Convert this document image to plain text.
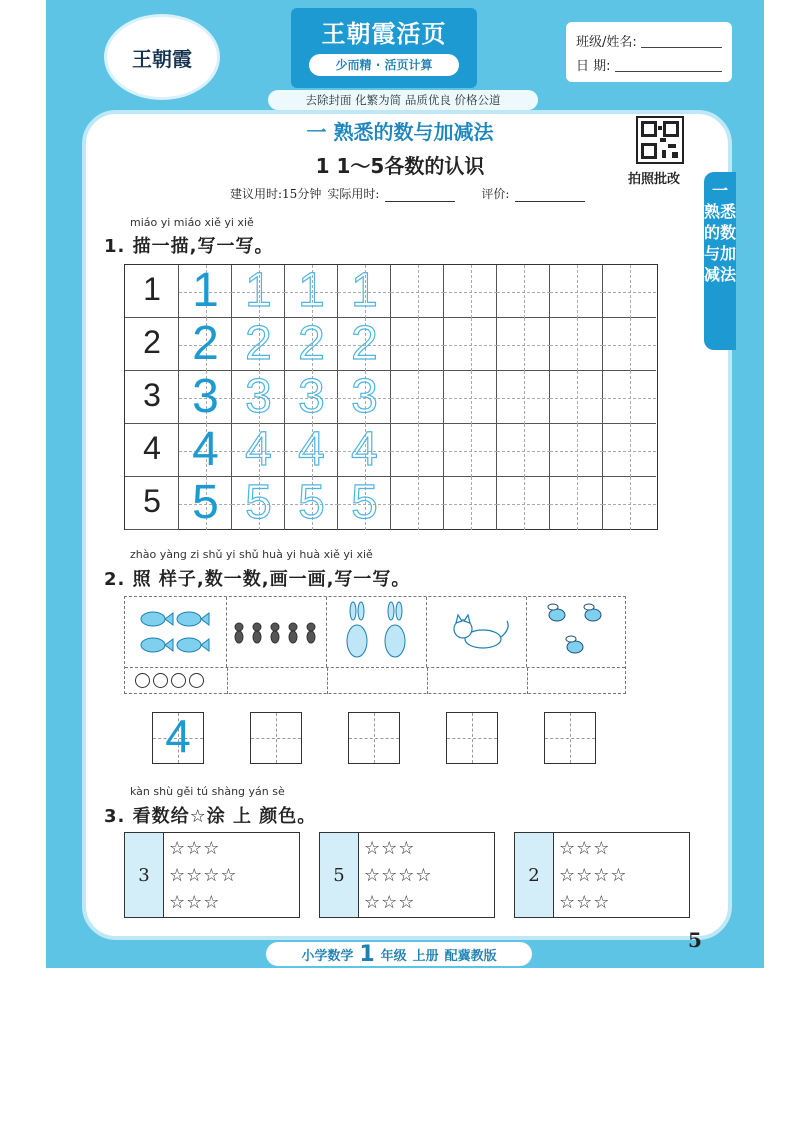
王朝霞
王朝霞活页
少而精 · 活页计算
班级/姓名:
日 期:
去除封面 化繁为简 品质优良 价格公道
一 熟悉的数与加减法
拍照批改
一 熟悉的数与加减法
1 1～5各数的认识
建议用时:15分钟 实际用时:	评价:
miáo yi miáo xiě yi xiě
1. 描一描,写一写。
1 1 1 1 1
2 2 2 2 2
3 3 3 3 3
4 4 4 4 4
5 5 5 5 5
zhào yàng zi shǔ yi shǔ huà yi huà xiě yi xiě
2. 照 样子,数一数,画一画,写一写。
4
kàn shù gěi tú shàng yán sè
3. 看数给☆涂 上 颜色。
3
☆☆☆
☆☆☆☆
☆☆☆
5
☆☆☆
☆☆☆☆
☆☆☆
2
☆☆☆
☆☆☆☆
☆☆☆
5
小学数学 1 年级 上册 配冀教版
